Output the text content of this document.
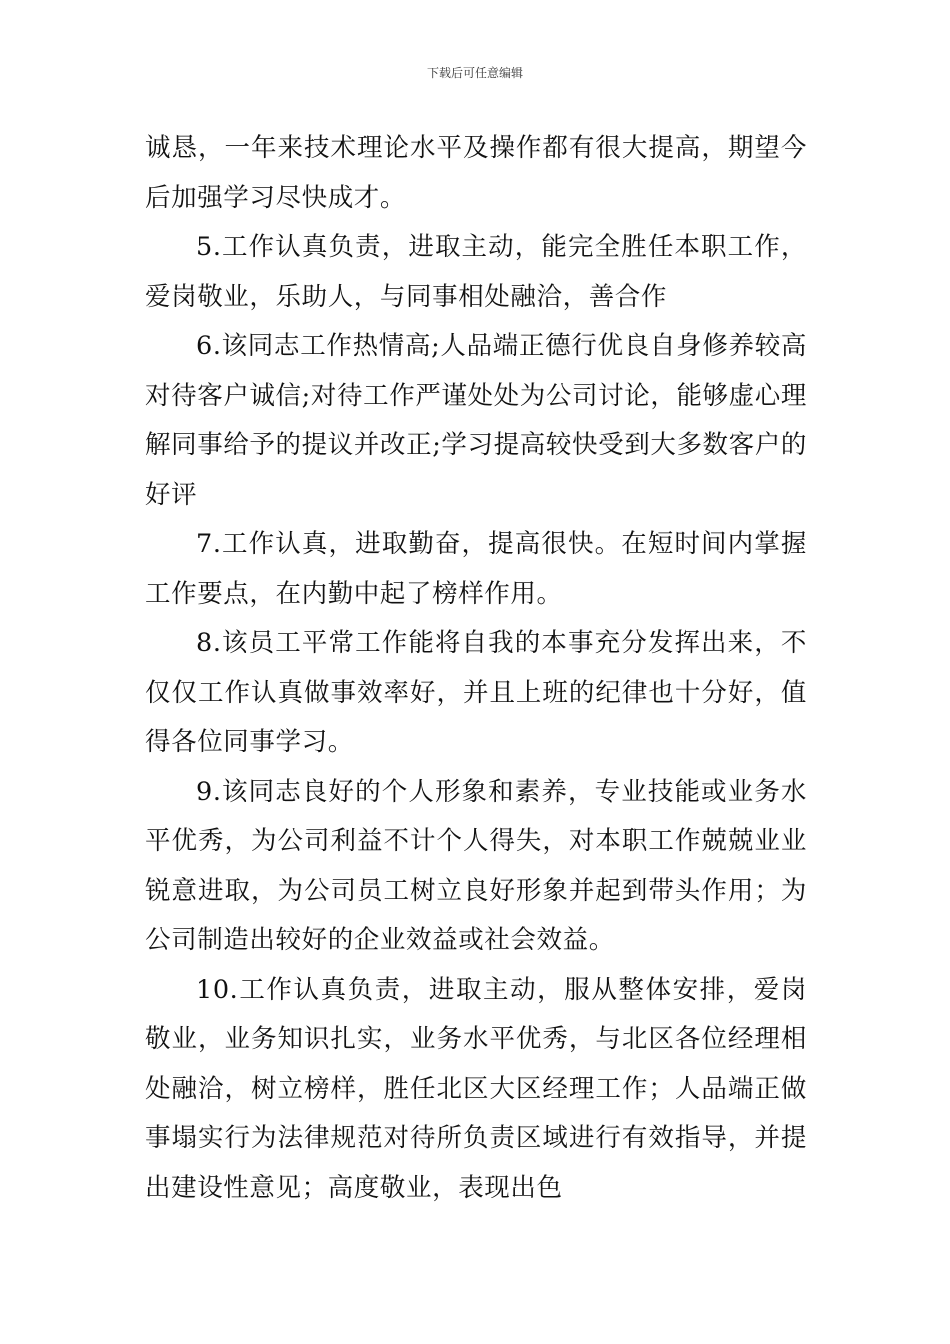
下载后可任意编辑

诚恳，一年来技术理论水平及操作都有很大提高，期望今后加强学习尽快成才。

5.工作认真负责，进取主动，能完全胜任本职工作，爱岗敬业，乐助人，与同事相处融洽，善合作

6.该同志工作热情高;人品端正德行优良自身修养较高对待客户诚信;对待工作严谨处处为公司讨论，能够虚心理解同事给予的提议并改正;学习提高较快受到大多数客户的好评

7.工作认真，进取勤奋，提高很快。在短时间内掌握工作要点，在内勤中起了榜样作用。

8.该员工平常工作能将自我的本事充分发挥出来，不仅仅工作认真做事效率好，并且上班的纪律也十分好，值得各位同事学习。

9.该同志良好的个人形象和素养，专业技能或业务水平优秀，为公司利益不计个人得失，对本职工作兢兢业业锐意进取，为公司员工树立良好形象并起到带头作用；为公司制造出较好的企业效益或社会效益。

10.工作认真负责，进取主动，服从整体安排，爱岗敬业，业务知识扎实，业务水平优秀，与北区各位经理相处融洽，树立榜样，胜任北区大区经理工作；人品端正做事塌实行为法律规范对待所负责区域进行有效指导，并提出建设性意见；高度敬业，表现出色
